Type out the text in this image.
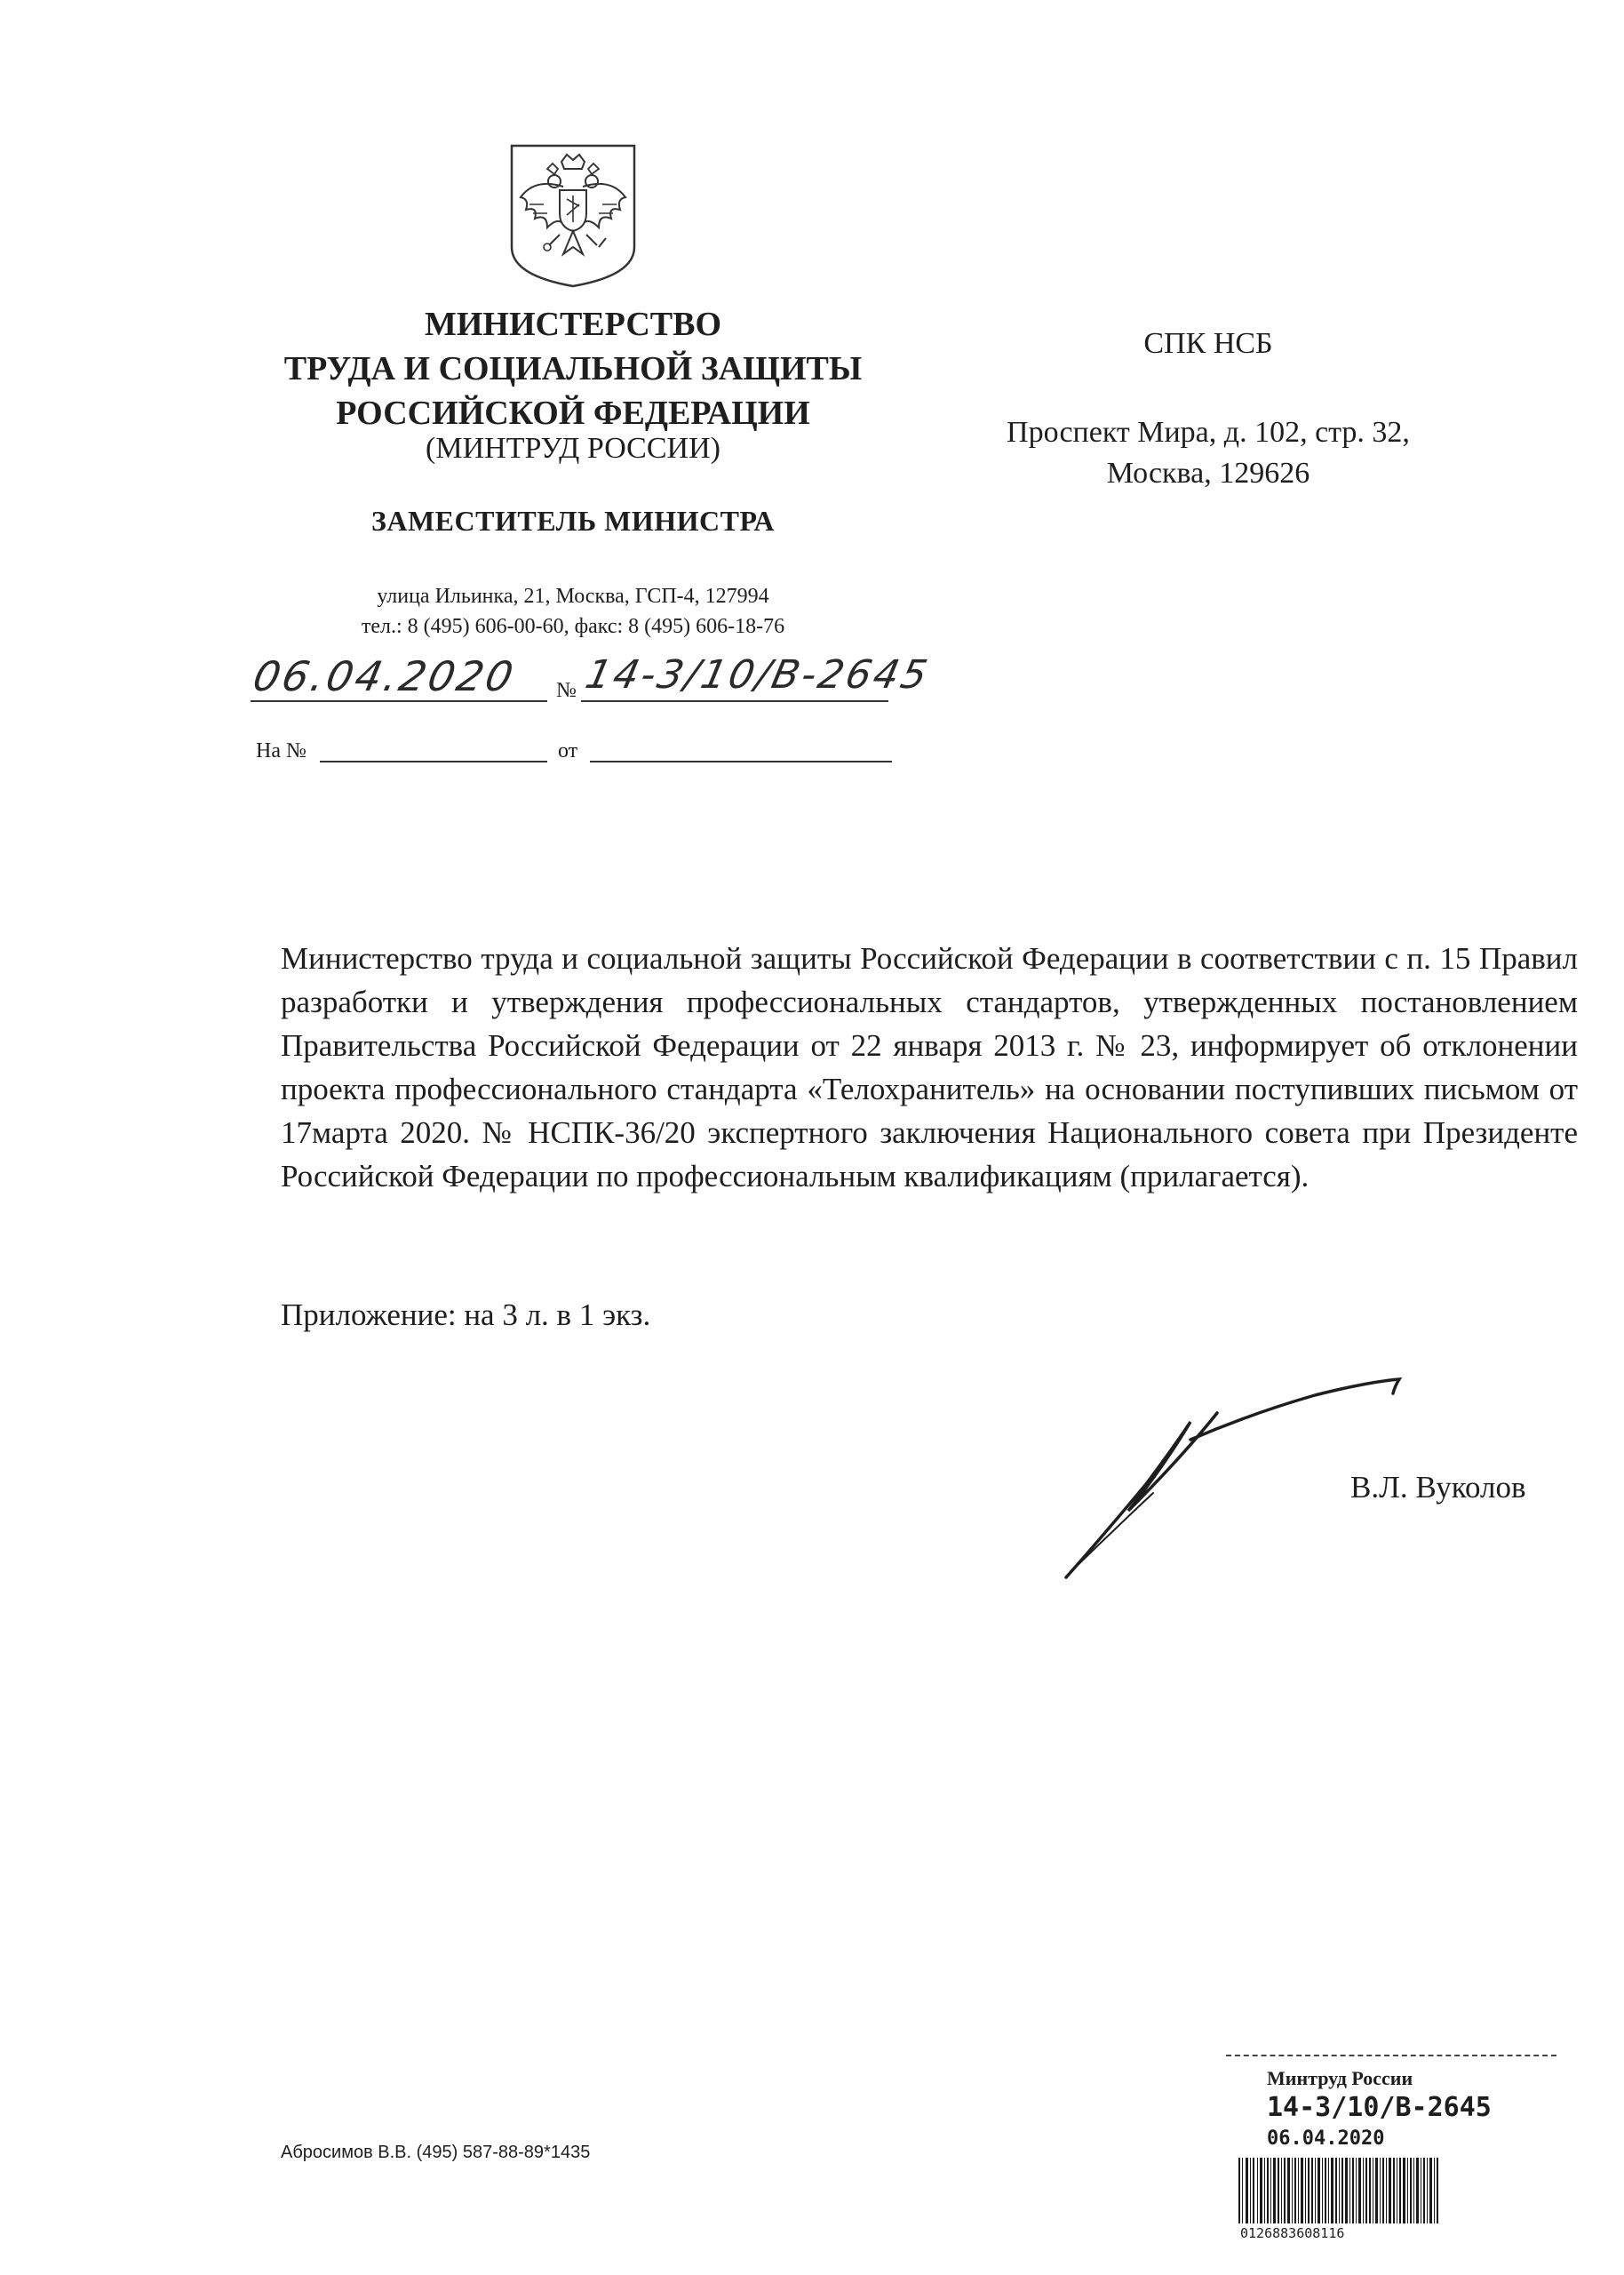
МИНИСТЕРСТВО
ТРУДА И СОЦИАЛЬНОЙ ЗАЩИТЫ
РОССИЙСКОЙ ФЕДЕРАЦИИ
(МИНТРУД РОССИИ)
ЗАМЕСТИТЕЛЬ МИНИСТРА
улица Ильинка, 21, Москва, ГСП-4, 127994
тел.: 8 (495) 606-00-60, факс: 8 (495) 606-18-76
06.04.2020 № 14-3/10/В-2645
На №	от
СПК НСБ
Проспект Мира, д. 102, стр. 32,
Москва, 129626

Министерство труда и социальной защиты Российской Федерации в соответствии с п. 15 Правил разработки и утверждения профессиональных стандартов, утвержденных постановлением Правительства Российской Федерации от 22 января 2013 г. № 23, информирует об отклонении проекта профессионального стандарта «Телохранитель» на основании поступивших письмом от 17марта 2020. № НСПК-36/20 экспертного заключения Национального совета при Президенте Российской Федерации по профессиональным квалификациям (прилагается).

Приложение: на 3 л. в 1 экз.
В.Л. Вуколов
Абросимов В.В. (495) 587-88-89*1435
Минтруд России
14-3/10/В-2645
06.04.2020
0126883608116
